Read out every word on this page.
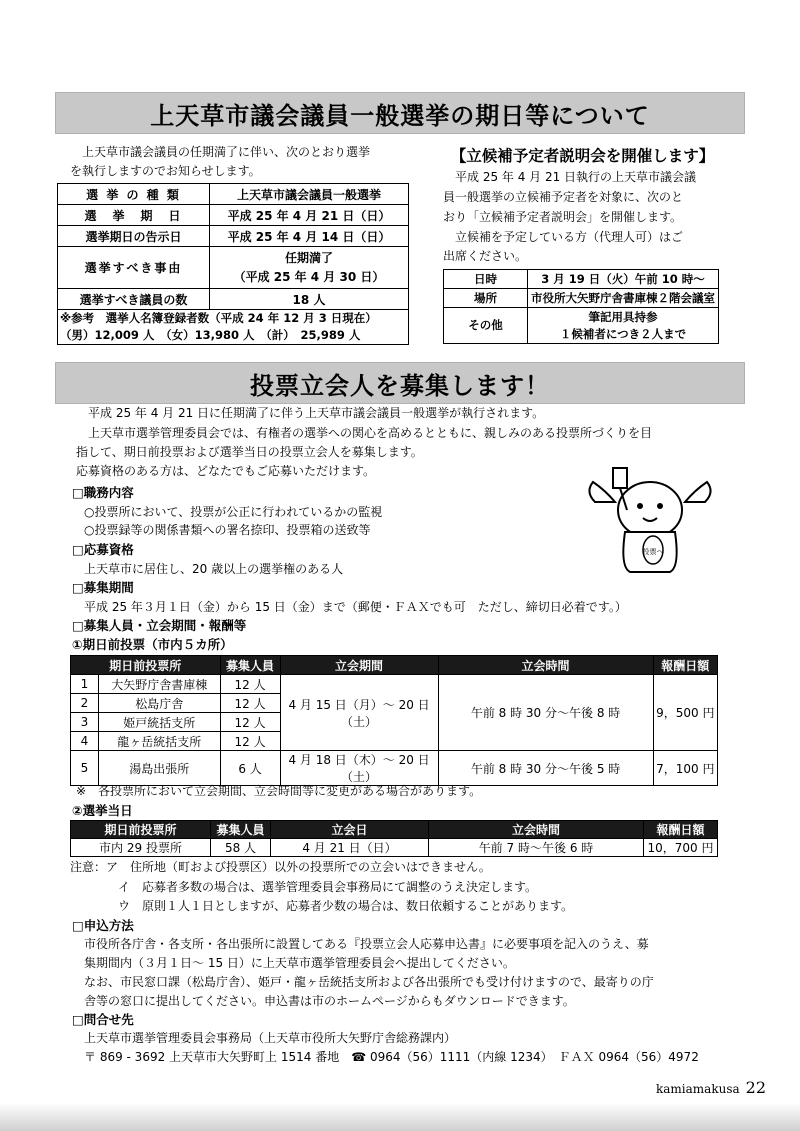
上天草市議会議員一般選挙の期日等について
上天草市議会議員の任期満了に伴い、次のとおり選挙
を執行しますのでお知らせします。
選 挙 の 種 類	上天草市議会議員一般選挙
選　挙　期　日	平成 25 年 4 月 21 日（日）
選挙期日の告示日	平成 25 年 4 月 14 日（日）
選挙すべき事由	任期満了
（平成 25 年 4 月 30 日）

選挙すべき議員の数	18 人

※参考　選挙人名簿登録者数（平成 24 年 12 月 3 日現在）
（男）12,009 人　（女）13,980 人　（計）　25,989 人	
【立候補予定者説明会を開催します】
平成 25 年 4 月 21 日執行の上天草市議会議
員一般選挙の立候補予定者を対象に、次のと
おり「立候補予定者説明会」を開催します。
立候補を予定している方（代理人可）はご
出席ください。
日時	3 月 19 日（火）午前 10 時～
場所	市役所大矢野庁舎書庫棟２階会議室
その他	筆記用具持参
１候補者につき２人まで
投票立会人を募集します！
平成 25 年 4 月 21 日に任期満了に伴う上天草市議会議員一般選挙が執行されます。
上天草市選挙管理委員会では、有権者の選挙への関心を高めるとともに、親しみのある投票所づくりを目
指して、期日前投票および選挙当日の投票立会人を募集します。
応募資格のある方は、どなたでもご応募いただけます。
□職務内容
○投票所において、投票が公正に行われているかの監視
○投票録等の関係書類への署名捺印、投票箱の送致等
□応募資格
上天草市に居住し、20 歳以上の選挙権のある人
□募集期間
平成 25 年３月１日（金）から 15 日（金）まで（郵便・ＦＡＸでも可　ただし、締切日必着です。）
□募集人員・立会期間・報酬等
①期日前投票（市内５カ所）
投票へ
期日前投票所		募集人員	立会期間	立会時間	報酬日額
1	大矢野庁舎書庫棟	12 人	4 月 15 日（月）～ 20 日（土）	午前 8 時 30 分～午後 8 時	9，500 円
2	松島庁舎	12 人			
3	姫戸統括支所	12 人			
4	龍ヶ岳統括支所	12 人			
5	湯島出張所	6 人	4 月 18 日（木）～ 20 日（土）	午前 8 時 30 分～午後 5 時	7，100 円
※　各投票所において立会期間、立会時間等に変更がある場合があります。
②選挙当日
期日前投票所	募集人員	立会日	立会時間	報酬日額
市内 29 投票所	58 人	4 月 21 日（日）	午前 7 時～午後 6 時	10，700 円
注意：ア　住所地（町および投票区）以外の投票所での立会いはできません。
イ　応募者多数の場合は、選挙管理委員会事務局にて調整のうえ決定します。
ウ　原則１人１日としますが、応募者少数の場合は、数日依頼することがあります。
□申込方法
市役所各庁舎・各支所・各出張所に設置してある『投票立会人応募申込書』に必要事項を記入のうえ、募
集期間内（３月１日～ 15 日）に上天草市選挙管理委員会へ提出してください。
なお、市民窓口課（松島庁舎）、姫戸・龍ヶ岳統括支所および各出張所でも受け付けますので、最寄りの庁
舎等の窓口に提出してください。申込書は市のホームページからもダウンロードできます。
□問合せ先
上天草市選挙管理委員会事務局（上天草市役所大矢野庁舎総務課内）
〒 869 - 3692 上天草市大矢野町上 1514 番地　☎ 0964（56）1111（内線 1234）　ＦＡＸ 0964（56）4972
kamiamakusa 22
